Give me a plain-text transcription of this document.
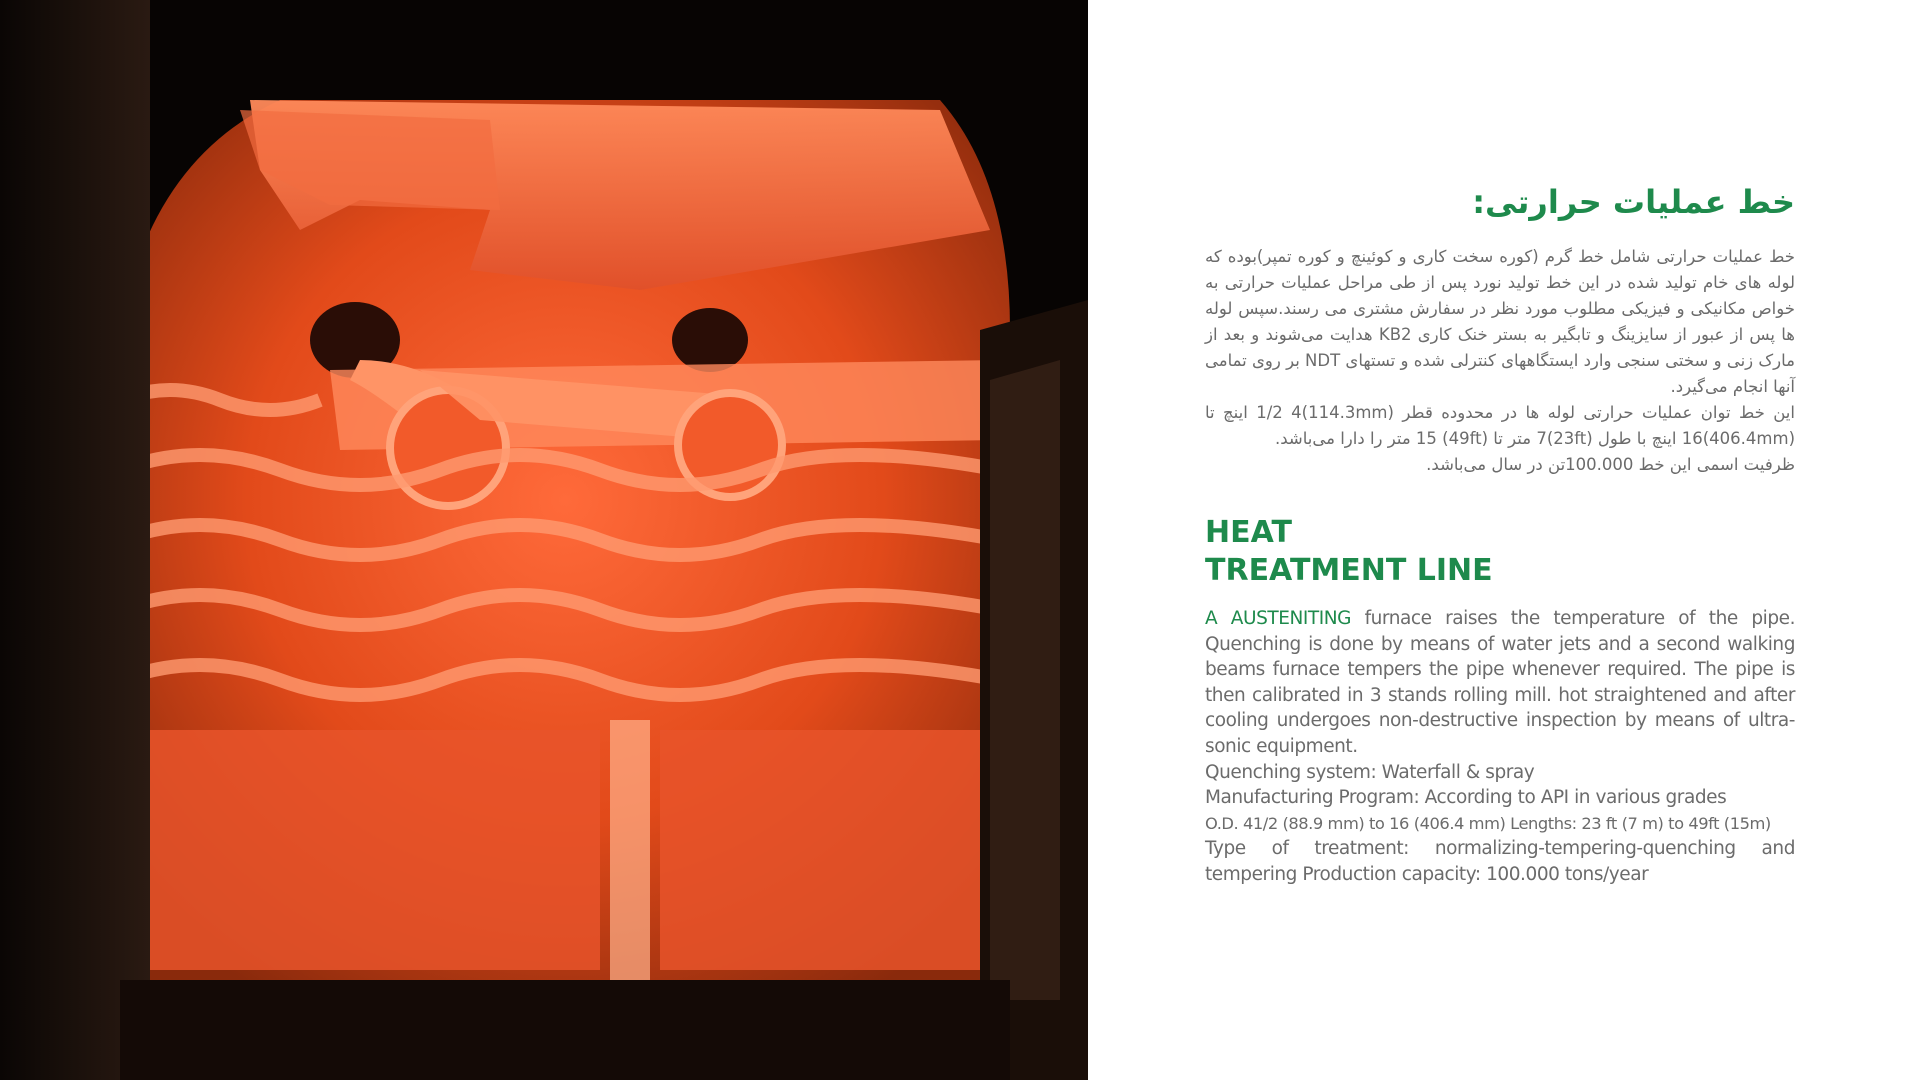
خط عملیات حرارتی:

خط عملیات حرارتی شامل خط گرم (کوره سخت کاری و کوئینچ و کوره تمپر)بوده که لوله های خام تولید شده در این خط تولید نورد پس از طی مراحل عملیات حرارتی به خواص مکانیکی و فیزیکی مطلوب مورد نظر در سفارش مشتری می رسند.سپس لوله ها پس از عبور از سایزینگ و تابگیر به بستر خنک کاری KB2 هدایت می‌شوند و بعد از مارک زنی و سختی سنجی وارد ایستگاههای کنترلی شده و تستهای NDT بر روی تمامی آنها انجام می‌گیرد.

این خط توان عملیات حرارتی لوله ها در محدوده قطر (114.3mm)1/2 4 اینچ تا (406.4mm)16 اینچ با طول (23ft)7 متر تا (49ft) 15 متر را دارا می‌باشد.

ظرفیت اسمی این خط 100.000تن در سال می‌باشد.

HEAT
TREATMENT LINE

A AUSTENITING furnace raises the temperature of the pipe. Quenching is done by means of water jets and a second walking beams furnace tempers the pipe whenever required. The pipe is then calibrated in 3 stands rolling mill. hot straightened and after cooling undergoes non-destructive inspection by means of ultra-sonic equipment.

Quenching system: Waterfall & spray

Manufacturing Program: According to API in various grades

O.D. 41/2 (88.9 mm) to 16 (406.4 mm) Lengths: 23 ft (7 m) to 49ft (15m)

Type of treatment: normalizing-tempering-quenching and tempering Production capacity: 100.000 tons/year
